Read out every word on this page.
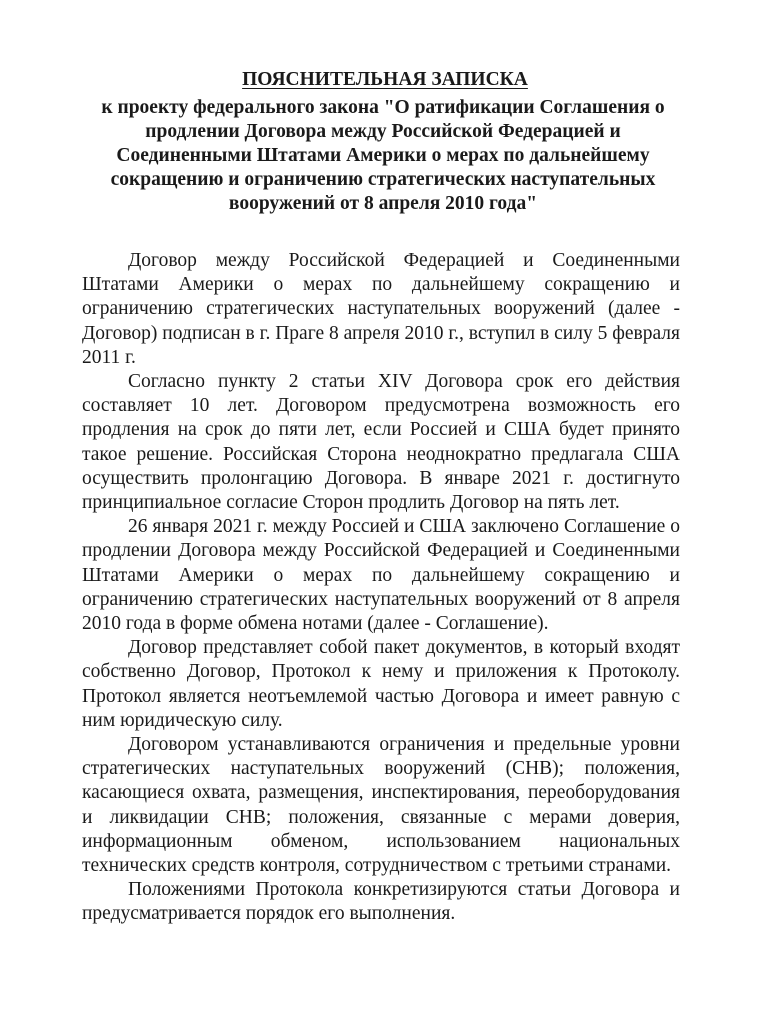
ПОЯСНИТЕЛЬНАЯ ЗАПИСКА
к проекту федерального закона "О ратификации Соглашения о продлении Договора между Российской Федерацией и Соединенными Штатами Америки о мерах по дальнейшему сокращению и ограничению стратегических наступательных вооружений от 8 апреля 2010 года"

Договор между Российской Федерацией и Соединенными Штатами Америки о мерах по дальнейшему сокращению и ограничению стратегических наступательных вооружений (далее - Договор) подписан в г. Праге 8 апреля 2010 г., вступил в силу 5 февраля 2011 г.

Согласно пункту 2 статьи XIV Договора срок его действия составляет 10 лет. Договором предусмотрена возможность его продления на срок до пяти лет, если Россией и США будет принято такое решение. Российская Сторона неоднократно предлагала США осуществить пролонгацию Договора. В январе 2021 г. достигнуто принципиальное согласие Сторон продлить Договор на пять лет.

26 января 2021 г. между Россией и США заключено Соглашение о продлении Договора между Российской Федерацией и Соединенными Штатами Америки о мерах по дальнейшему сокращению и ограничению стратегических наступательных вооружений от 8 апреля 2010 года в форме обмена нотами (далее - Соглашение).

Договор представляет собой пакет документов, в который входят собственно Договор, Протокол к нему и приложения к Протоколу. Протокол является неотъемлемой частью Договора и имеет равную с ним юридическую силу.

Договором устанавливаются ограничения и предельные уровни стратегических наступательных вооружений (СНВ); положения, касающиеся охвата, размещения, инспектирования, переоборудования и ликвидации СНВ; положения, связанные с мерами доверия, информационным обменом, использованием национальных технических средств контроля, сотрудничеством с третьими странами.

Положениями Протокола конкретизируются статьи Договора и предусматривается порядок его выполнения.
